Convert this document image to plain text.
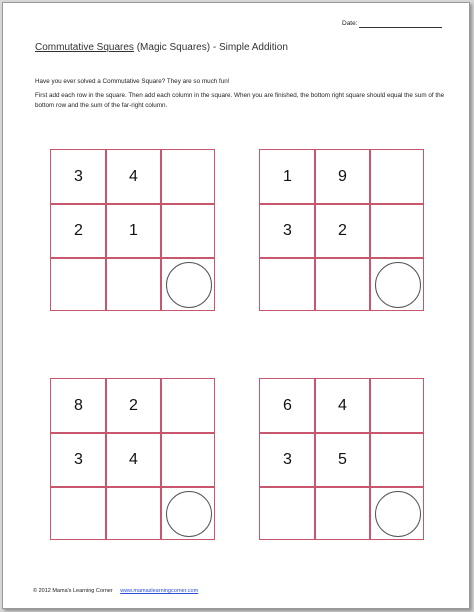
Date:
Commutative Squares (Magic Squares) - Simple Addition
Have you ever solved a Commutative Square? They are so much fun!
First add each row in the square. Then add each column in the square. When you are finished, the bottom right square should equal the sum of the bottom row and the sum of the far-right column.
3	4
2	1
1	9
3	2
8	2
3	4
6	4
3	5
© 2012 Mama's Learning Corner www.mamaslearningcorner.com
